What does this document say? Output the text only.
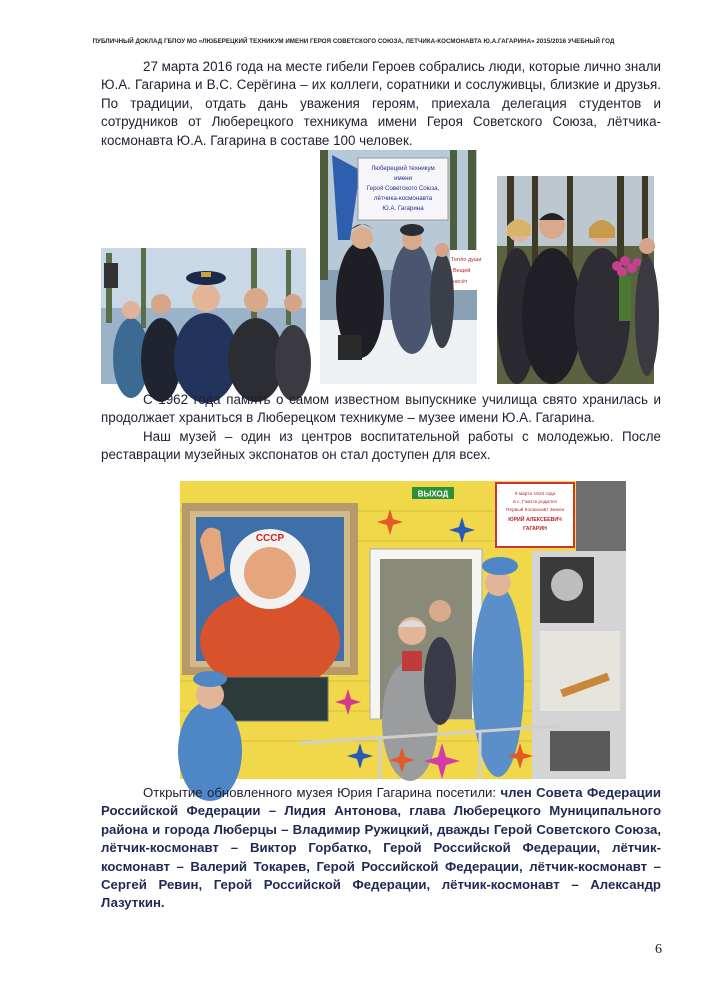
ПУБЛИЧНЫЙ ДОКЛАД ГБПОУ МО «ЛЮБЕРЕЦКИЙ ТЕХНИКУМ ИМЕНИ ГЕРОЯ СОВЕТСКОГО СОЮЗА, ЛЕТЧИКА-КОСМОНАВТА Ю.А.ГАГАРИНА» 2015/2016 УЧЕБНЫЙ ГОД

27 марта 2016 года на месте гибели Героев собрались люди, которые лично знали Ю.А. Гагарина и В.С. Серёгина – их коллеги, соратники и сослуживцы, близкие и друзья. По традиции, отдать дань уважения героям, приехала делегация студентов и сотрудников от Люберецкого техникума имени Героя Советского Союза, лётчика-космонавта Ю.А. Гагарина в составе 100 человек.

Люберецкий техникум
имени
Героя Советского Союза,
лётчика-космонавта
Ю.А. Гагарина
Тепло души
Вещей
несёт

С 1962 года память о самом известном выпускнике училища свято хранилась и продолжает храниться в Люберецком техникуме – музее имени Ю.А. Гагарина.

Наш музей – один из центров воспитательной работы с молодежью. После реставрации музейных экспонатов он стал доступен для всех.

СССР
ВЫХОД	9 марта 1934 года
в с. Гжатск родился
Первый Космонавт Земли
ЮРИЙ АЛЕКСЕЕВИЧ
ГАГАРИН

Открытие обновленного музея Юрия Гагарина посетили: член Совета Федерации Российской Федерации – Лидия Антонова, глава Люберецкого Муниципального района и города Люберцы – Владимир Ружицкий, дважды Герой Советского Союза, лётчик-космонавт – Виктор Горбатко, Герой Российской Федерации, лётчик-космонавт – Валерий Токарев, Герой Российской Федерации, лётчик-космонавт – Сергей Ревин, Герой Российской Федерации, лётчик-космонавт – Александр Лазуткин.

6
